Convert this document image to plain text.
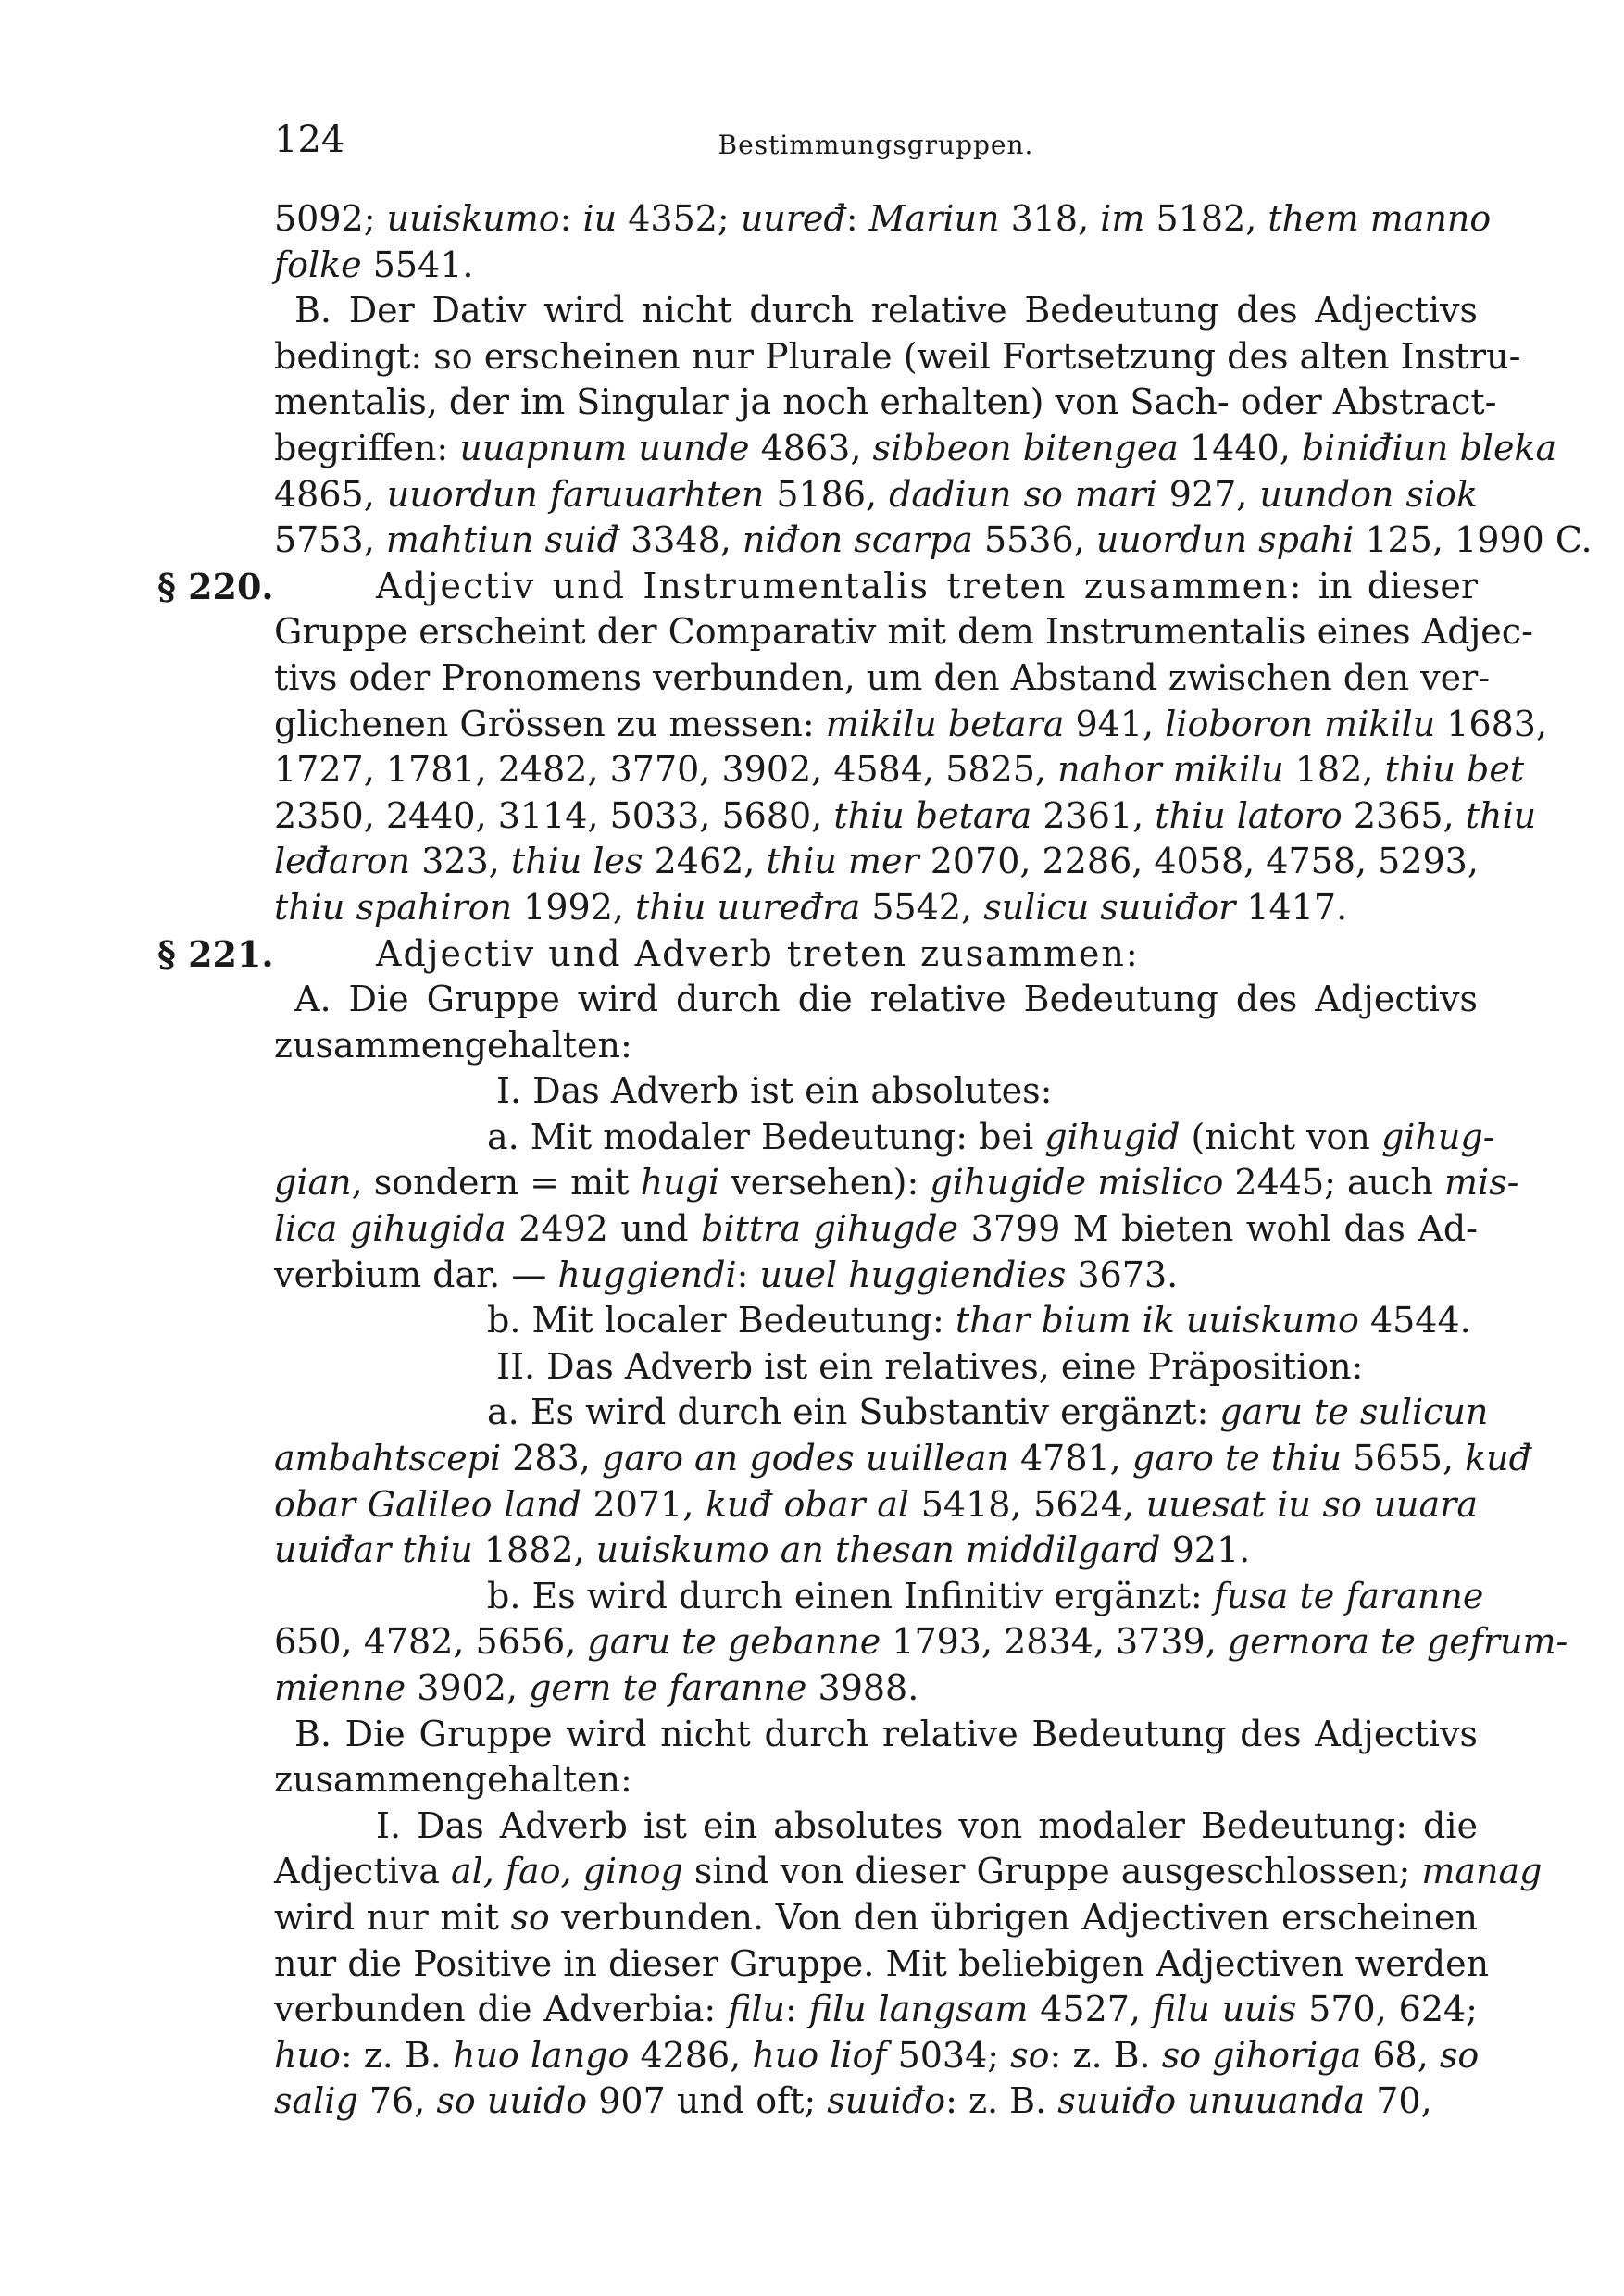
124	Bestimmungsgruppen.
5092; uuiskumo: iu 4352; uuređ: Mariun 318, im 5182, them manno
folke 5541.
B. Der Dativ wird nicht durch relative Bedeutung des Adjectivs
bedingt: so erscheinen nur Plurale (weil Fortsetzung des alten Instru-
mentalis, der im Singular ja noch erhalten) von Sach- oder Abstract-
begriffen: uuapnum uunde 4863, sibbeon bitengea 1440, biniđiun bleka
4865, uuordun faruuarhten 5186, dadiun so mari 927, uundon siok
5753, mahtiun suiđ 3348, niđon scarpa 5536, uuordun spahi 125, 1990 C.
§ 220.	Adjectiv und Instrumentalis treten zusammen: in dieser
Gruppe erscheint der Comparativ mit dem Instrumentalis eines Adjec-
tivs oder Pronomens verbunden, um den Abstand zwischen den ver-
glichenen Grössen zu messen: mikilu betara 941, lioboron mikilu 1683,
1727, 1781, 2482, 3770, 3902, 4584, 5825, nahor mikilu 182, thiu bet
2350, 2440, 3114, 5033, 5680, thiu betara 2361, thiu latoro 2365, thiu
leđaron 323, thiu les 2462, thiu mer 2070, 2286, 4058, 4758, 5293,
thiu spahiron 1992, thiu uuređra 5542, sulicu suuiđor 1417.
§ 221.	Adjectiv und Adverb treten zusammen:
A. Die Gruppe wird durch die relative Bedeutung des Adjectivs
zusammengehalten:
I. Das Adverb ist ein absolutes:
a. Mit modaler Bedeutung: bei gihugid (nicht von gihug-
gian, sondern = mit hugi versehen): gihugide mislico 2445; auch mis-
lica gihugida 2492 und bittra gihugde 3799 M bieten wohl das Ad-
verbium dar. — huggiendi: uuel huggiendies 3673.
b. Mit localer Bedeutung: thar bium ik uuiskumo 4544.
II. Das Adverb ist ein relatives, eine Präposition:
a. Es wird durch ein Substantiv ergänzt: garu te sulicun
ambahtscepi 283, garo an godes uuillean 4781, garo te thiu 5655, kuđ
obar Galileo land 2071, kuđ obar al 5418, 5624, uuesat iu so uuara
uuiđar thiu 1882, uuiskumo an thesan middilgard 921.
b. Es wird durch einen Infinitiv ergänzt: fusa te faranne
650, 4782, 5656, garu te gebanne 1793, 2834, 3739, gernora te gefrum-
mienne 3902, gern te faranne 3988.
B. Die Gruppe wird nicht durch relative Bedeutung des Adjectivs
zusammengehalten:
I. Das Adverb ist ein absolutes von modaler Bedeutung: die
Adjectiva al, fao, ginog sind von dieser Gruppe ausgeschlossen; manag
wird nur mit so verbunden. Von den übrigen Adjectiven erscheinen
nur die Positive in dieser Gruppe. Mit beliebigen Adjectiven werden
verbunden die Adverbia: filu: filu langsam 4527, filu uuis 570, 624;
huo: z. B. huo lango 4286, huo liof 5034; so: z. B. so gihoriga 68, so
salig 76, so uuido 907 und oft; suuiđo: z. B. suuiđo unuuanda 70,
